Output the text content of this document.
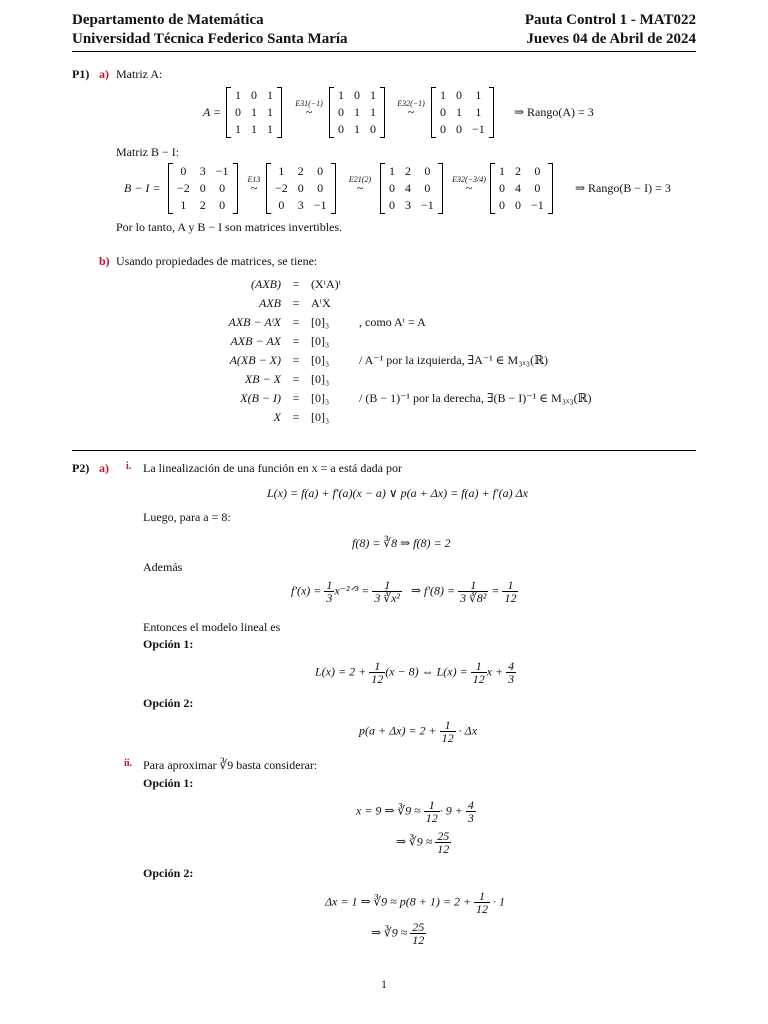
Departamento de Matemática
Universidad Técnica Federico Santa María
Pauta Control 1 - MAT022
Jueves 04 de Abril de 2024
P1) a) Matriz A:
A =
1	0	1
0	1	1
1	1	1
E31(−1)
~
1	0	1
0	1	1
0	1	0
E32(−1)
~
1	0	1
0	1	1
0	0	−1
⇒ Rango(A) = 3
Matriz B − I:
B − I =
0	3	−1
−2	0	0
1	2	0
E13
~
1	2	0
−2	0	0
0	3	−1
E21(2)
~
1	2	0
0	4	0
0	3	−1
E32(−3/4)
~
1	2	0
0	4	0
0	0	−1
⇒ Rango(B − I) = 3
Por lo tanto, A y B − I son matrices invertibles.
b) Usando propiedades de matrices, se tiene:
(AXB)	=	(XᵗA)ᵗ	
AXB	=	AᵗX	
AXB − AᵗX	=	[0]₃	, como Aᵗ = A
AXB − AX	=	[0]₃	
A(XB − X)	=	[0]₃	/ A⁻¹ por la izquierda, ∃A⁻¹ ∈ M₃ₓ₃(ℝ)
XB − X	=	[0]₃	
X(B − I)	=	[0]₃	/ (B − 1)⁻¹ por la derecha, ∃(B − I)⁻¹ ∈ M₃ₓ₃(ℝ)
X	=	[0]₃	
P2) a) i. La linealización de una función en x = a está dada por
L(x) = f(a) + f′(a)(x − a) ∨ p(a + Δx) = f(a) + f′(a) Δx
Luego, para a = 8:
f(8) = ∛8 ⇒ f(8) = 2
Además
$f'(x) = \frac{1}{3}$ x⁻²ᐟ³ = $\frac{1}{\text{3 ∛x²}}$ ⇒ $f'(8) = \frac{1}{\text{3 ∛8²}} = \frac{1}{12}$
Entonces el modelo lineal es
Opción 1:
$L(x) = 2 + \frac{1}{12} (x - 8)$ ⇔ $L(x) = \frac{1}{12}$ $x + \frac{4}{3}$
Opción 2:
$p(a + \Delta x) = 2 + \frac{1}{12} \cdot \Delta x$
ii. Para aproximar ∛9 basta considerar:
Opción 1:
x = 9 ⇒ ∛9 ≈ $\frac{1}{12} \cdot 9 + \frac{4}{3}$
⇒ ∛9 ≈ $\frac{25}{12}$
Opción 2:
Δx = 1 ⇒ ∛9 ≈ $p(8 + 1) = 2 + \frac{1}{12} \cdot 1$
⇒ ∛9 ≈ $\frac{25}{12}$
1
